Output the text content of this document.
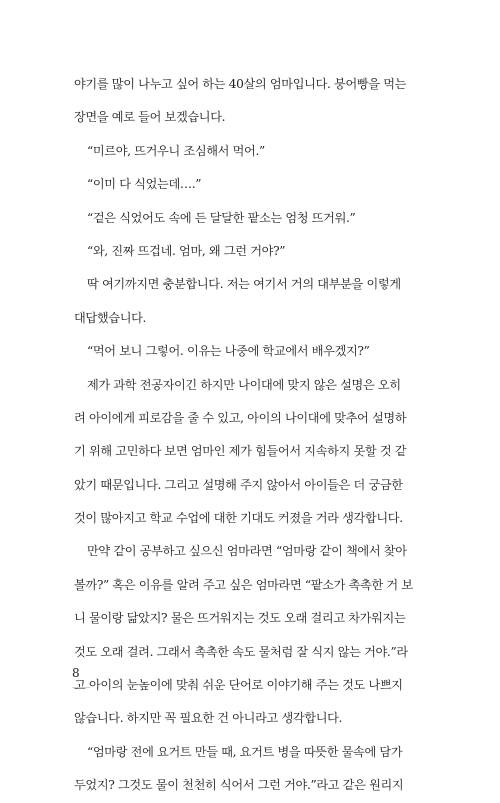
야기를 많이 나누고 싶어 하는 40살의 엄마입니다. 붕어빵을 먹는
장면을 예로 들어 보겠습니다.
“미르야, 뜨거우니 조심해서 먹어.”
“이미 다 식었는데….”
“겉은 식었어도 속에 든 달달한 팥소는 엄청 뜨거워.”
“와, 진짜 뜨겁네. 엄마, 왜 그런 거야?”
딱 여기까지면 충분합니다. 저는 여기서 거의 대부분을 이렇게
대답했습니다.
“먹어 보니 그렇어. 이유는 나중에 학교에서 배우겠지?”
제가 과학 전공자이긴 하지만 나이대에 맞지 않은 설명은 오히
려 아이에게 피로감을 줄 수 있고, 아이의 나이대에 맞추어 설명하
기 위해 고민하다 보면 엄마인 제가 힘들어서 지속하지 못할 것 같
았기 때문입니다. 그리고 설명해 주지 않아서 아이들은 더 궁금한
것이 많아지고 학교 수업에 대한 기대도 커졌을 거라 생각합니다.
만약 같이 공부하고 싶으신 엄마라면 “엄마랑 같이 책에서 찾아
볼까?” 혹은 이유를 알려 주고 싶은 엄마라면 “팥소가 촉촉한 거 보
니 물이랑 닮았지? 물은 뜨거워지는 것도 오래 걸리고 차가워지는
것도 오래 걸려. 그래서 촉촉한 속도 물처럼 잘 식지 않는 거야.”라
고 아이의 눈높이에 맞춰 쉬운 단어로 이야기해 주는 것도 나쁘지
않습니다. 하지만 꼭 필요한 건 아니라고 생각합니다.
“엄마랑 전에 요거트 만들 때, 요거트 병을 따뜻한 물속에 담가
두었지? 그것도 물이 천천히 식어서 그런 거야.”라고 같은 원리지
8
